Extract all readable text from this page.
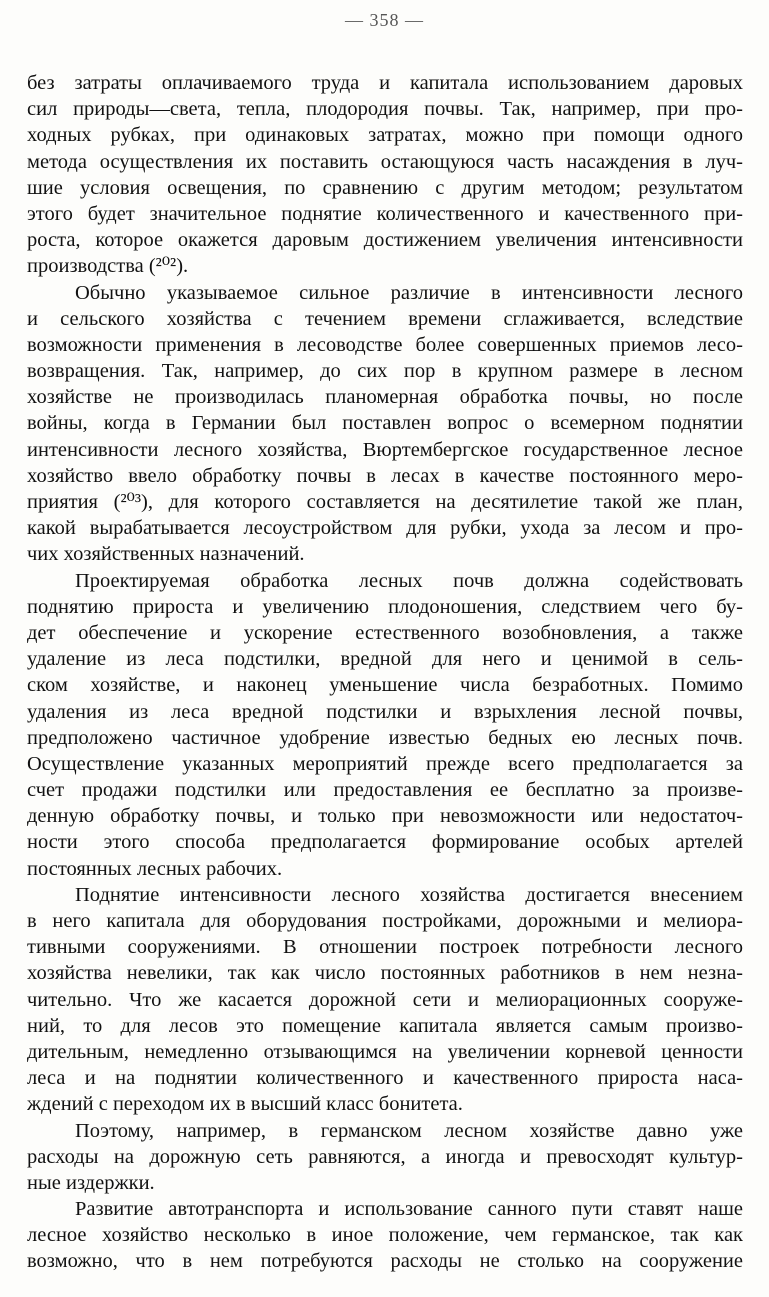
— 358 —
без затраты оплачиваемого труда и капитала использованием даровых
сил природы—света, тепла, плодородия почвы. Так, например, при про-
ходных рубках, при одинаковых затратах, можно при помощи одного
метода осуществления их поставить остающуюся часть насаждения в луч-
шие условия освещения, по сравнению с другим методом; результатом
этого будет значительное поднятие количественного и качественного при-
роста, которое окажется даровым достижением увеличения интенсивности
производства (²⁰²).
Обычно указываемое сильное различие в интенсивности лесного
и сельского хозяйства с течением времени сглаживается, вследствие
возможности применения в лесоводстве более совершенных приемов лесо-
возвращения. Так, например, до сих пор в крупном размере в лесном
хозяйстве не производилась планомерная обработка почвы, но после
войны, когда в Германии был поставлен вопрос о всемерном поднятии
интенсивности лесного хозяйства, Вюртембергское государственное лесное
хозяйство ввело обработку почвы в лесах в качестве постоянного меро-
приятия (²⁰³), для которого составляется на десятилетие такой же план,
какой вырабатывается лесоустройством для рубки, ухода за лесом и про-
чих хозяйственных назначений.
Проектируемая обработка лесных почв должна содействовать
поднятию прироста и увеличению плодоношения, следствием чего бу-
дет обеспечение и ускорение естественного возобновления, а также
удаление из леса подстилки, вредной для него и ценимой в сель-
ском хозяйстве, и наконец уменьшение числа безработных. Помимо
удаления из леса вредной подстилки и взрыхления лесной почвы,
предположено частичное удобрение известью бедных ею лесных почв.
Осуществление указанных мероприятий прежде всего предполагается за
счет продажи подстилки или предоставления ее бесплатно за произве-
денную обработку почвы, и только при невозможности или недостаточ-
ности этого способа предполагается формирование особых артелей
постоянных лесных рабочих.
Поднятие интенсивности лесного хозяйства достигается внесением
в него капитала для оборудования постройками, дорожными и мелиора-
тивными сооружениями. В отношении построек потребности лесного
хозяйства невелики, так как число постоянных работников в нем незна-
чительно. Что же касается дорожной сети и мелиорационных сооруже-
ний, то для лесов это помещение капитала является самым произво-
дительным, немедленно отзывающимся на увеличении корневой ценности
леса и на поднятии количественного и качественного прироста наса-
ждений с переходом их в высший класс бонитета.
Поэтому, например, в германском лесном хозяйстве давно уже
расходы на дорожную сеть равняются, а иногда и превосходят культур-
ные издержки.
Развитие автотранспорта и использование санного пути ставят наше
лесное хозяйство несколько в иное положение, чем германское, так как
возможно, что в нем потребуются расходы не столько на сооружение
